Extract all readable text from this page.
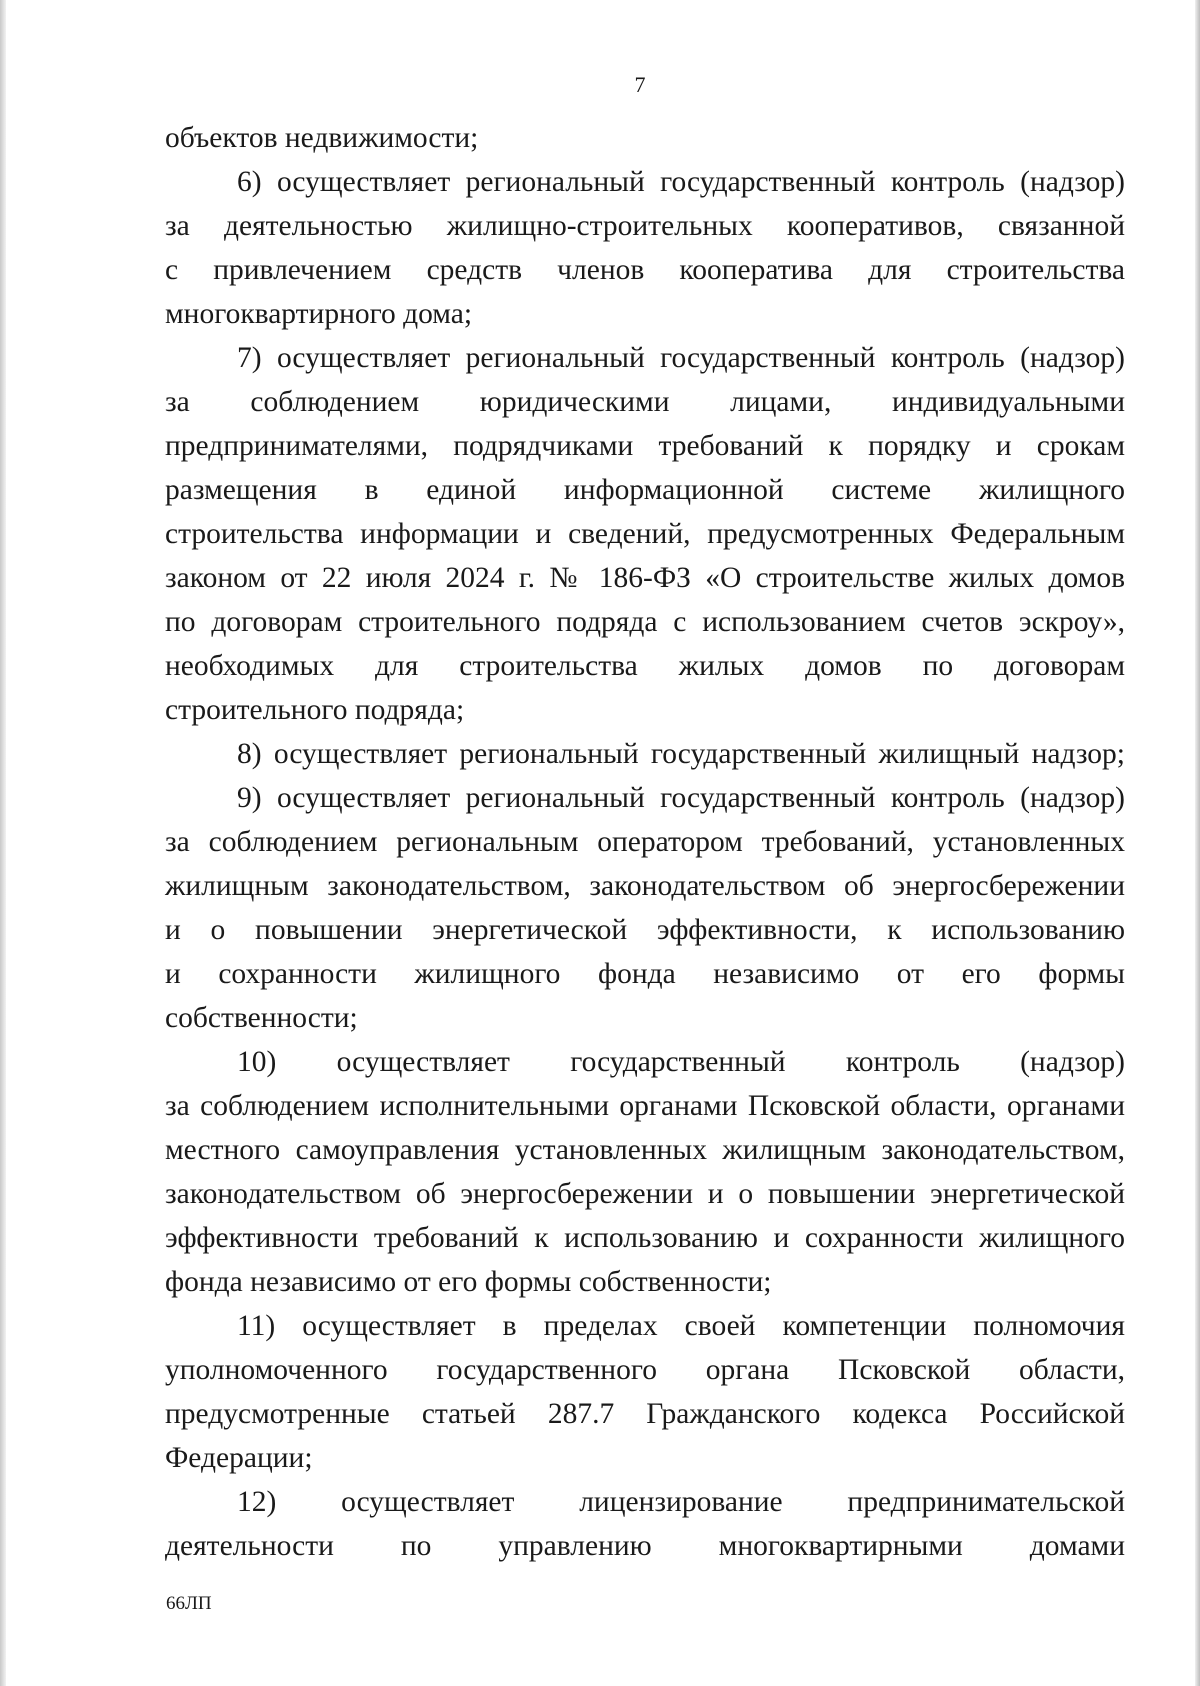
7
объектов недвижимости;
6) осуществляет региональный государственный контроль (надзор)
за деятельностью жилищно-строительных кооперативов, связанной
с привлечением средств членов кооператива для строительства
многоквартирного дома;
7) осуществляет региональный государственный контроль (надзор)
за соблюдением юридическими лицами, индивидуальными
предпринимателями, подрядчиками требований к порядку и срокам
размещения в единой информационной системе жилищного
строительства информации и сведений, предусмотренных Федеральным
законом от 22 июля 2024 г. № 186-ФЗ «О строительстве жилых домов
по договорам строительного подряда с использованием счетов эскроу»,
необходимых для строительства жилых домов по договорам
строительного подряда;
8) осуществляет региональный государственный жилищный надзор;
9) осуществляет региональный государственный контроль (надзор)
за соблюдением региональным оператором требований, установленных
жилищным законодательством, законодательством об энергосбережении
и о повышении энергетической эффективности, к использованию
и сохранности жилищного фонда независимо от его формы
собственности;
10) осуществляет государственный контроль (надзор)
за соблюдением исполнительными органами Псковской области, органами
местного самоуправления установленных жилищным законодательством,
законодательством об энергосбережении и о повышении энергетической
эффективности требований к использованию и сохранности жилищного
фонда независимо от его формы собственности;
11) осуществляет в пределах своей компетенции полномочия
уполномоченного государственного органа Псковской области,
предусмотренные статьей 287.7 Гражданского кодекса Российской
Федерации;
12) осуществляет лицензирование предпринимательской
деятельности по управлению многоквартирными домами
66ЛП
